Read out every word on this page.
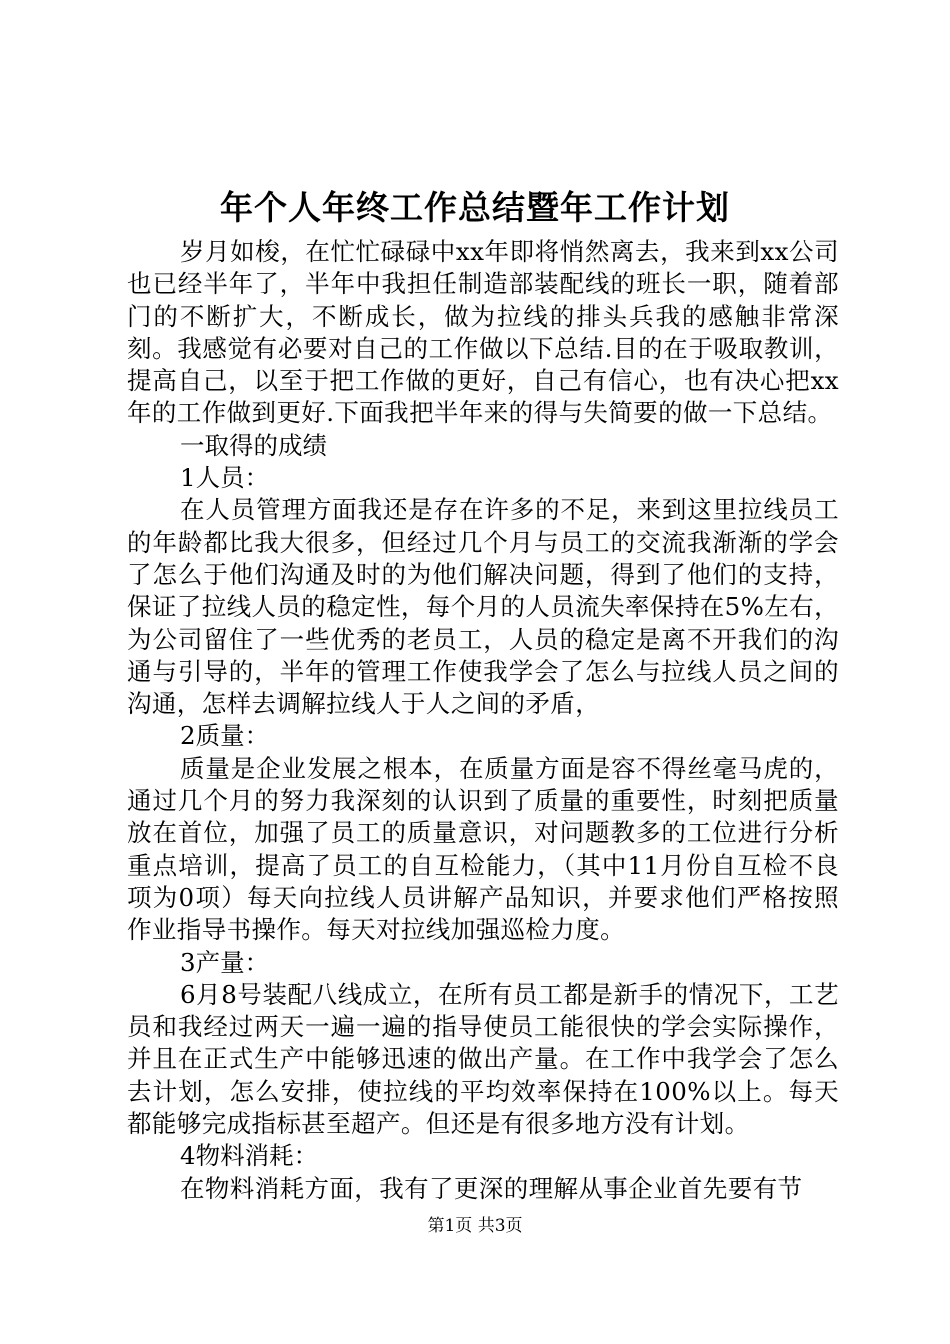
年个人年终工作总结暨年工作计划

岁月如梭，在忙忙碌碌中xx年即将悄然离去，我来到xx公司也已经半年了，半年中我担任制造部装配线的班长一职，随着部门的不断扩大，不断成长，做为拉线的排头兵我的感触非常深刻。我感觉有必要对自己的工作做以下总结.目的在于吸取教训，提高自己，以至于把工作做的更好，自己有信心，也有决心把xx年的工作做到更好.下面我把半年来的得与失简要的做一下总结。

一取得的成绩

1人员：

在人员管理方面我还是存在许多的不足，来到这里拉线员工的年龄都比我大很多，但经过几个月与员工的交流我渐渐的学会了怎么于他们沟通及时的为他们解决问题，得到了他们的支持，保证了拉线人员的稳定性，每个月的人员流失率保持在5%左右，为公司留住了一些优秀的老员工，人员的稳定是离不开我们的沟通与引导的，半年的管理工作使我学会了怎么与拉线人员之间的沟通，怎样去调解拉线人于人之间的矛盾，

2质量：

质量是企业发展之根本，在质量方面是容不得丝毫马虎的，通过几个月的努力我深刻的认识到了质量的重要性，时刻把质量放在首位，加强了员工的质量意识，对问题教多的工位进行分析重点培训，提高了员工的自互检能力，（其中11月份自互检不良项为0项）每天向拉线人员讲解产品知识，并要求他们严格按照作业指导书操作。每天对拉线加强巡检力度。

3产量：

6月8号装配八线成立，在所有员工都是新手的情况下，工艺员和我经过两天一遍一遍的指导使员工能很快的学会实际操作，并且在正式生产中能够迅速的做出产量。在工作中我学会了怎么去计划，怎么安排，使拉线的平均效率保持在100%以上。每天都能够完成指标甚至超产。但还是有很多地方没有计划。

4物料消耗：

在物料消耗方面，我有了更深的理解从事企业首先要有节

第1页 共3页
